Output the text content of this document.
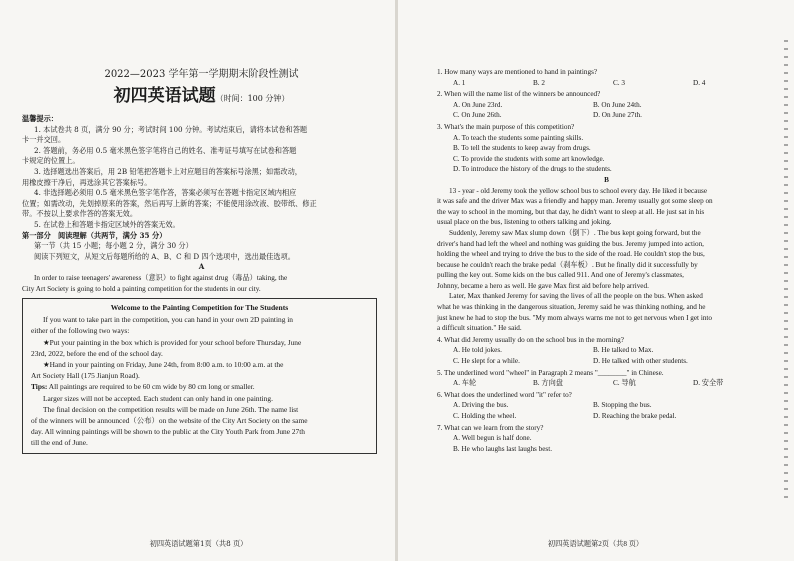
2022—2023 学年第一学期期末阶段性测试
初四英语试题（时间：100 分钟）

温馨提示：

1. 本试卷共 8 页，满分 90 分；考试时间 100 分钟。考试结束后，请将本试卷和答题

卡一并交回。

2. 答题前，务必用 0.5 毫米黑色签字笔将自己的姓名、准考证号填写在试卷和答题

卡规定的位置上。

3. 选择题选出答案后，用 2B 铅笔把答题卡上对应题目的答案标号涂黑；如需改动，

用橡皮擦干净后，再选涂其它答案标号。

4. 非选择题必须用 0.5 毫米黑色签字笔作答，答案必须写在答题卡指定区域内相应

位置；如需改动，先划掉原来的答案，然后再写上新的答案；不能使用涂改液、胶带纸、修正

带。不按以上要求作答的答案无效。

5. 在试卷上和答题卡指定区域外的答案无效。

第一部分　阅读理解（共两节，满分 35 分）

第一节（共 15 小题；每小题 2 分，满分 30 分）

阅读下列短文，从短文后每题所给的 A、B、C 和 D 四个选项中，选出最佳选项。

A

In order to raise teenagers' awareness（意识）to fight against drug（毒品）taking, the

City Art Society is going to hold a painting competition for the students in our city.

Welcome to the Painting Competition for The Students

If you want to take part in the competition, you can hand in your own 2D painting in

either of the following two ways:

★Put your painting in the box which is provided for your school before Thursday, June

23rd, 2022, before the end of the school day.

★Hand in your painting on Friday, June 24th, from 8:00 a.m. to 10:00 a.m. at the

Art Society Hall (175 Jianjun Road).

Tips: All paintings are required to be 60 cm wide by 80 cm long or smaller.

Larger sizes will not be accepted. Each student can only hand in one painting.

The final decision on the competition results will be made on June 26th. The name list

of the winners will be announced（公布）on the website of the City Art Society on the same

day. All winning paintings will be shown to the public at the City Youth Park from June 27th

till the end of June.

初四英语试题第1页（共8 页）

1. How many ways are mentioned to hand in paintings?

A. 1	B. 2	C. 3	D. 4

2. When will the name list of the winners be announced?

A. On June 23rd.	B. On June 24th.
C. On June 26th.	D. On June 27th.

3. What's the main purpose of this competition?

A. To teach the students some painting skills.
B. To tell the students to keep away from drugs.
C. To provide the students with some art knowledge.
D. To introduce the history of the drugs to the students.

B

13 - year - old Jeremy took the yellow school bus to school every day. He liked it because

it was safe and the driver Max was a friendly and happy man. Jeremy usually got some sleep on

the way to school in the morning, but that day, he didn't want to sleep at all. He just sat in his

usual place on the bus, listening to others talking and joking.

Suddenly, Jeremy saw Max slump down（倒下）. The bus kept going forward, but the

driver's hand had left the wheel and nothing was guiding the bus. Jeremy jumped into action,

holding the wheel and trying to drive the bus to the side of the road. He couldn't stop the bus,

because he couldn't reach the brake pedal（刹车板）. But he finally did it successfully by

pulling the key out. Some kids on the bus called 911. And one of Jeremy's classmates,

Johnny, became a hero as well. He gave Max first aid before help arrived.

Later, Max thanked Jeremy for saving the lives of all the people on the bus. When asked

what he was thinking in the dangerous situation, Jeremy said he was thinking nothing, and he

just knew he had to stop the bus. "My mom always warns me not to get nervous when I get into

a difficult situation." He said.

4. What did Jeremy usually do on the school bus in the morning?

A. He told jokes.	B. He talked to Max.
C. He slept for a while.	D. He talked with other students.

5. The underlined word "wheel" in Paragraph 2 means "________" in Chinese.

A. 车轮	B. 方向盘	C. 导航	D. 安全带

6. What does the underlined word "it" refer to?

A. Driving the bus.	B. Stopping the bus.
C. Holding the wheel.	D. Reaching the brake pedal.

7. What can we learn from the story?

A. Well begun is half done.
B. He who laughs last laughs best.
初四英语试题第2页（共8 页）
